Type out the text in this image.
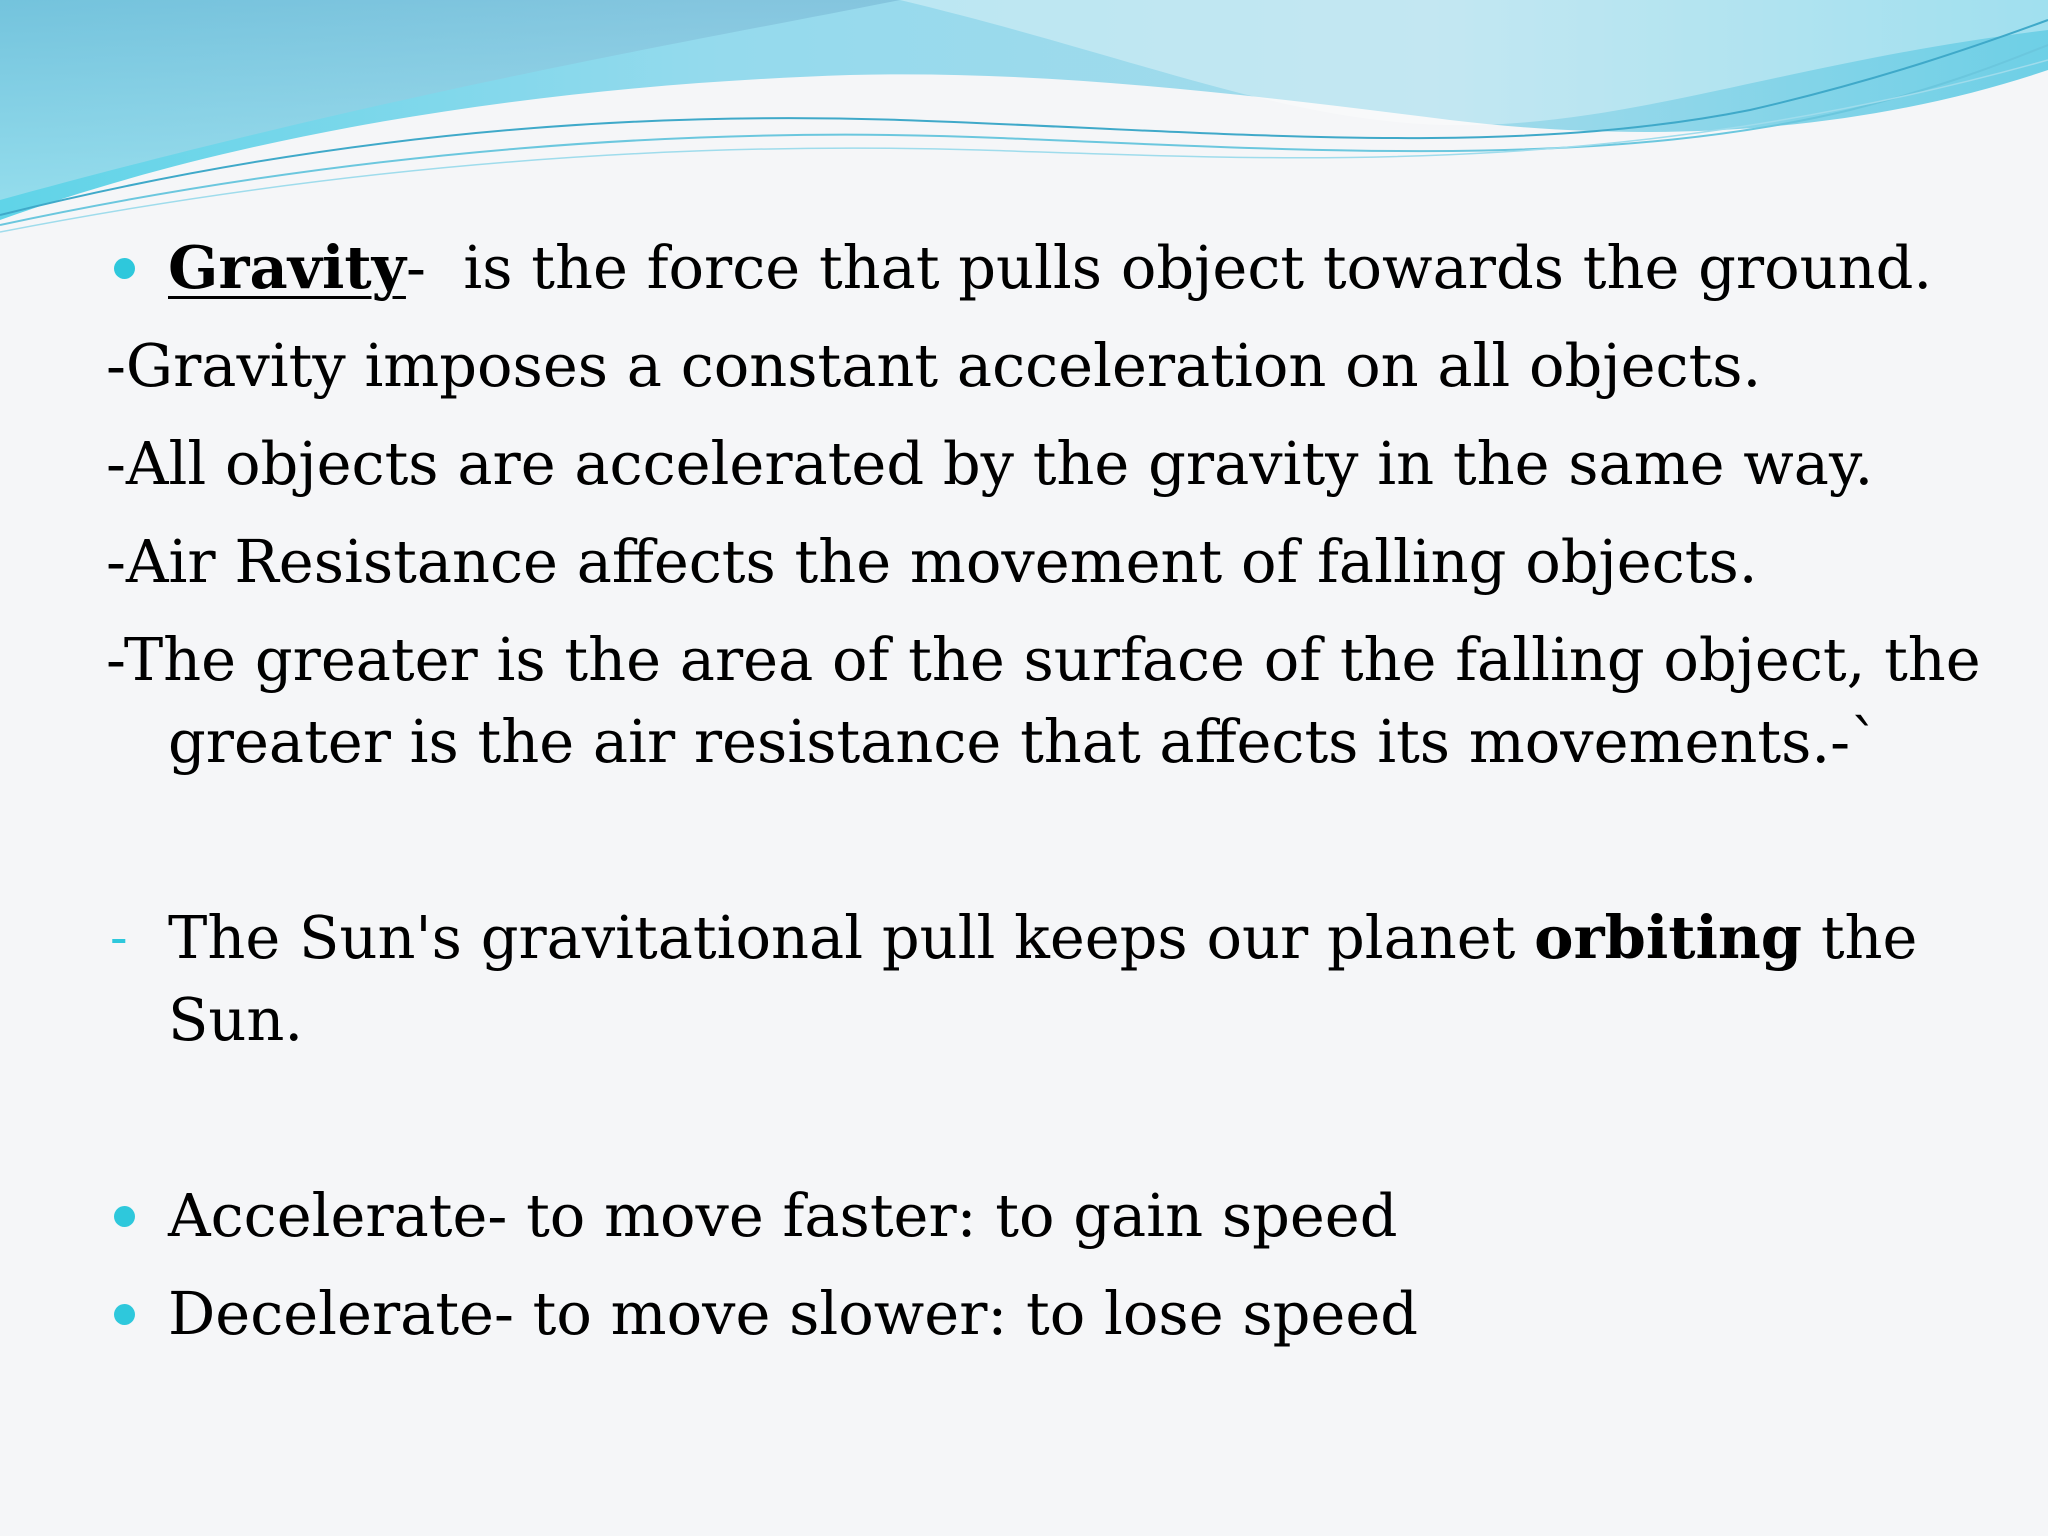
Gravity-  is the force that pulls object towards the ground.
-Gravity imposes a constant acceleration on all objects.
-All objects are accelerated by the gravity in the same way.
-Air Resistance affects the movement of falling objects.
-The greater is the area of the surface of the falling object, the
greater is the air resistance that affects its movements.-`
- The Sun's gravitational pull keeps our planet orbiting the
Sun.
Accelerate- to move faster: to gain speed
Decelerate- to move slower: to lose speed
